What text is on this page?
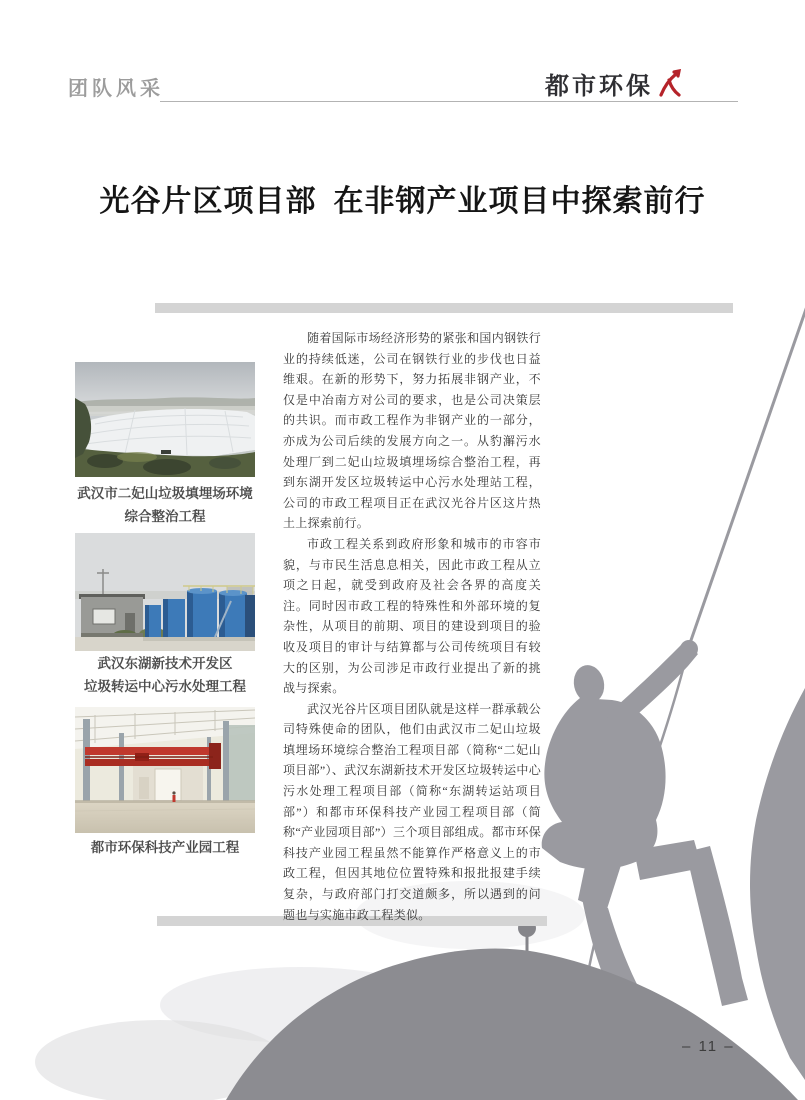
团队风采	都市环保
光谷片区项目部  在非钢产业项目中探索前行
武汉市二妃山垃圾填埋场环境
综合整治工程
武汉东湖新技术开发区
垃圾转运中心污水处理工程
都市环保科技产业园工程

随着国际市场经济形势的紧张和国内钢铁行业的持续低迷，公司在钢铁行业的步伐也日益维艰。在新的形势下，努力拓展非钢产业，不仅是中冶南方对公司的要求，也是公司决策层的共识。而市政工程作为非钢产业的一部分，亦成为公司后续的发展方向之一。从豹澥污水处理厂到二妃山垃圾填埋场综合整治工程，再到东湖开发区垃圾转运中心污水处理站工程，公司的市政工程项目正在武汉光谷片区这片热土上探索前行。

市政工程关系到政府形象和城市的市容市貌，与市民生活息息相关，因此市政工程从立项之日起，就受到政府及社会各界的高度关注。同时因市政工程的特殊性和外部环境的复杂性，从项目的前期、项目的建设到项目的验收及项目的审计与结算都与公司传统项目有较大的区别，为公司涉足市政行业提出了新的挑战与探索。

武汉光谷片区项目团队就是这样一群承载公司特殊使命的团队，他们由武汉市二妃山垃圾填埋场环境综合整治工程项目部（简称“二妃山项目部”）、武汉东湖新技术开发区垃圾转运中心污水处理工程项目部（简称“东湖转运站项目部”）和都市环保科技产业园工程项目部（简称“产业园项目部”）三个项目部组成。都市环保科技产业园工程虽然不能算作严格意义上的市政工程，但因其地位位置特殊和报批报建手续复杂，与政府部门打交道颇多，所以遇到的问题也与实施市政工程类似。

– 11 –
